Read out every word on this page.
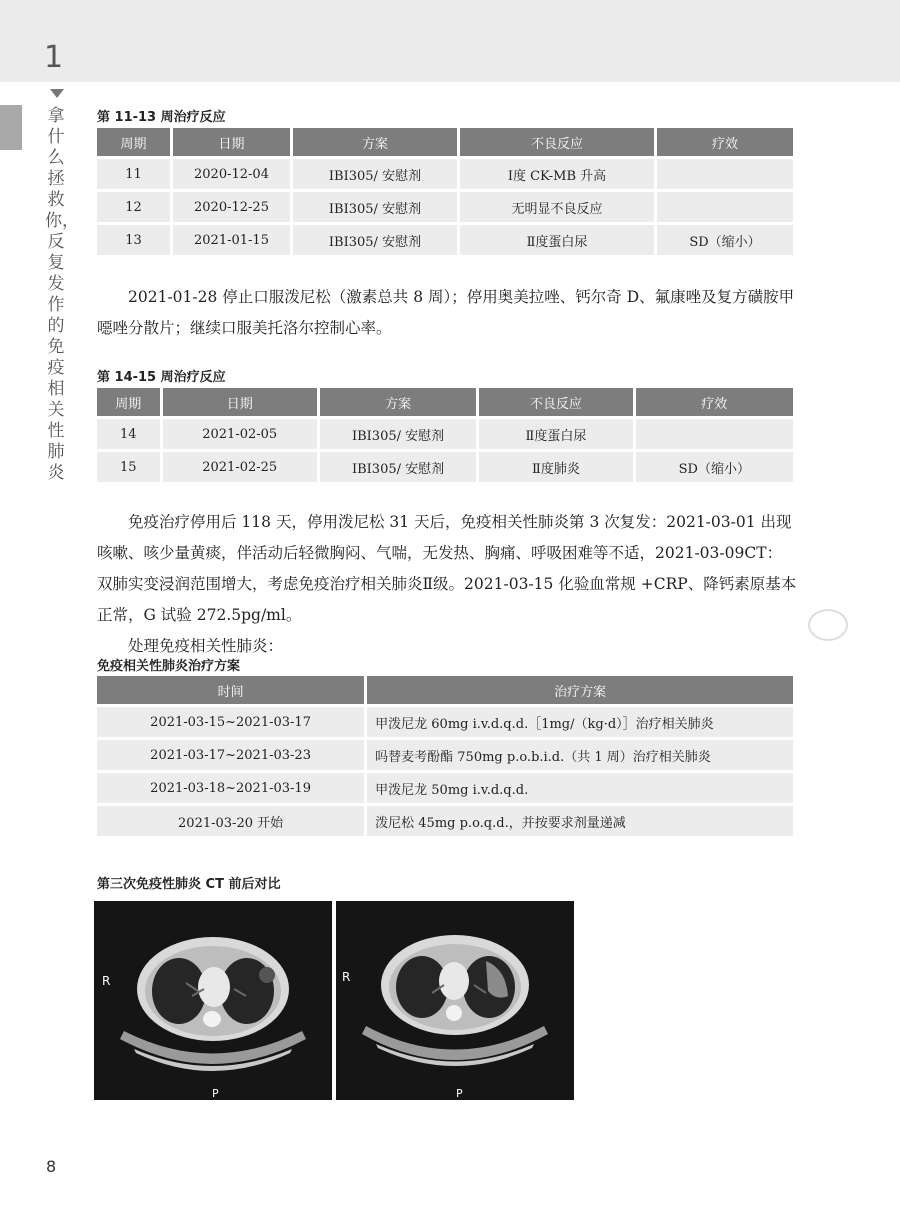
1
拿什么拯救你，反复发作的免疫相关性肺炎
第 11-13 周治疗反应
周期	日期	方案	不良反应	疗效
11	2020-12-04	IBI305/ 安慰剂	Ⅰ度 CK-MB 升高	
12	2020-12-25	IBI305/ 安慰剂	无明显不良反应	
13	2021-01-15	IBI305/ 安慰剂	Ⅱ度蛋白尿	SD（缩小）

2021-01-28 停止口服泼尼松（激素总共 8 周）；停用奥美拉唑、钙尔奇 D、氟康唑及复方磺胺甲噁唑分散片；继续口服美托洛尔控制心率。

第 14-15 周治疗反应
周期	日期	方案	不良反应	疗效
14	2021-02-05	IBI305/ 安慰剂	Ⅱ度蛋白尿	
15	2021-02-25	IBI305/ 安慰剂	Ⅱ度肺炎	SD（缩小）

免疫治疗停用后 118 天，停用泼尼松 31 天后，免疫相关性肺炎第 3 次复发：2021-03-01 出现咳嗽、咳少量黄痰，伴活动后轻微胸闷、气喘，无发热、胸痛、呼吸困难等不适，2021-03-09CT：双肺实变浸润范围增大，考虑免疫治疗相关肺炎Ⅱ级。2021-03-15 化验血常规 +CRP、降钙素原基本正常，G 试验 272.5pg/ml。

处理免疫相关性肺炎：

免疫相关性肺炎治疗方案
时间	治疗方案
2021-03-15~2021-03-17	甲泼尼龙 60mg i.v.d.q.d.［1mg/（kg·d）］治疗相关肺炎
2021-03-17~2021-03-23	吗替麦考酚酯 750mg p.o.b.i.d.（共 1 周）治疗相关肺炎
2021-03-18~2021-03-19	甲泼尼龙 50mg i.v.d.q.d.
2021-03-20 开始	泼尼松 45mg p.o.q.d.，并按要求剂量递减
第三次免疫性肺炎 CT 前后对比
R
P
R
P
8
